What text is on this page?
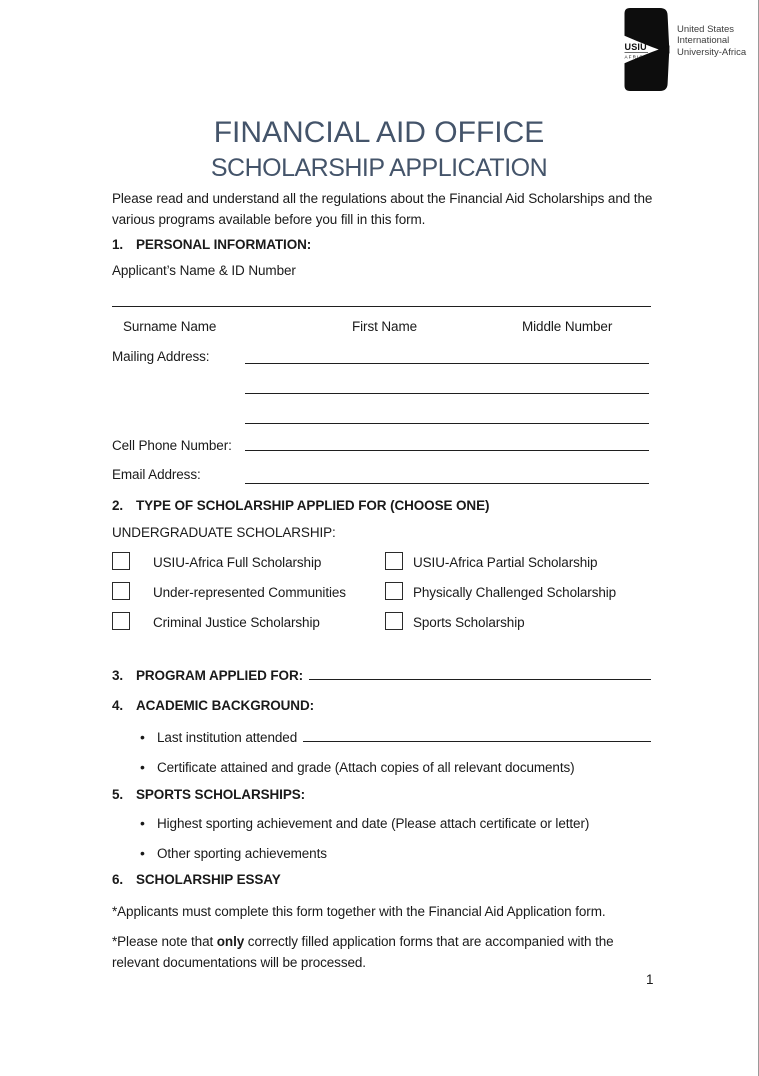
USIU
AFRICA
United States
International
University-Africa
FINANCIAL AID OFFICE
SCHOLARSHIP APPLICATION
Please read and understand all the regulations about the Financial Aid Scholarships and the
various programs available before you fill in this form.
1. PERSONAL INFORMATION:
Applicant’s Name & ID Number
Surname Name	First Name	Middle Number
Mailing Address:
Cell Phone Number:
Email Address:
2. TYPE OF SCHOLARSHIP APPLIED FOR (CHOOSE ONE)
UNDERGRADUATE SCHOLARSHIP:
USIU-Africa Full Scholarship	USIU-Africa Partial Scholarship
Under-represented Communities	Physically Challenged Scholarship
Criminal Justice Scholarship	Sports Scholarship
3. PROGRAM APPLIED FOR:
4. ACADEMIC BACKGROUND:
• Last institution attended
• Certificate attained and grade (Attach copies of all relevant documents)
5. SPORTS SCHOLARSHIPS:
• Highest sporting achievement and date (Please attach certificate or letter)
• Other sporting achievements
6. SCHOLARSHIP ESSAY
*Applicants must complete this form together with the Financial Aid Application form.
*Please note that only correctly filled application forms that are accompanied with the
relevant documentations will be processed.
1
